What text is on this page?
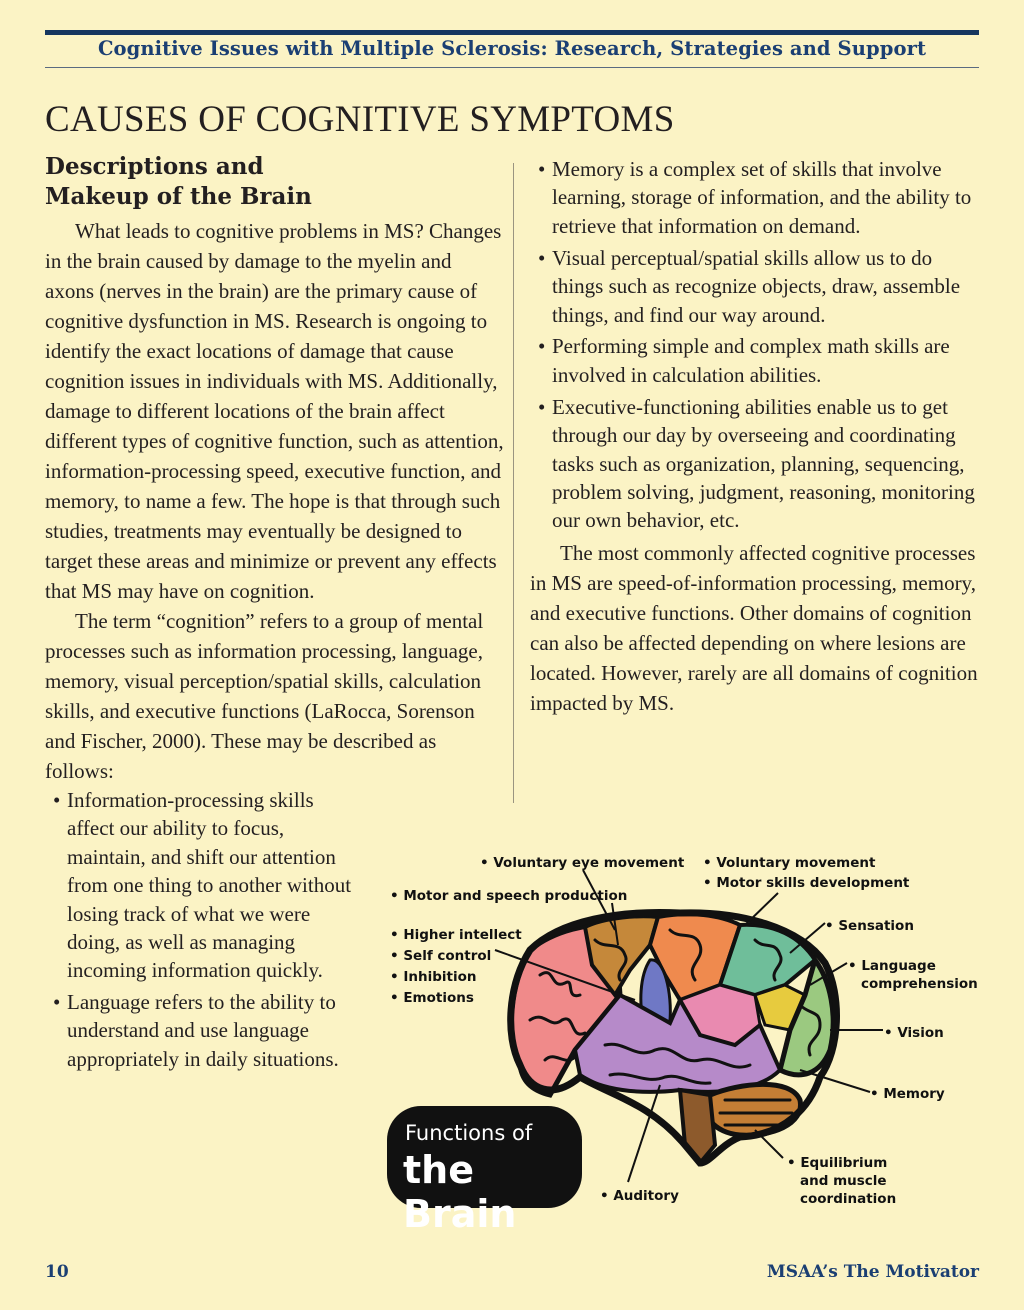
Cognitive Issues with Multiple Sclerosis: Research, Strategies and Support
CAUSES OF COGNITIVE SYMPTOMS
Descriptions and Makeup of the Brain

What leads to cognitive problems in MS? Changes in the brain caused by damage to the myelin and axons (nerves in the brain) are the primary cause of cognitive dysfunction in MS. Research is ongoing to identify the exact locations of damage that cause cognition issues in individuals with MS. Additionally, damage to different locations of the brain affect different types of cognitive function, such as attention, information-processing speed, executive function, and memory, to name a few. The hope is that through such studies, treatments may eventually be designed to target these areas and minimize or prevent any effects that MS may have on cognition.

The term “cognition” refers to a group of mental processes such as information processing, language, memory, visual perception/spatial skills, calculation skills, and executive functions (LaRocca, Sorenson and Fischer, 2000). These may be described as follows:

• Information-processing skills affect our ability to focus, maintain, and shift our attention from one thing to another without losing track of what we were doing, as well as managing incoming information quickly.
• Language refers to the ability to understand and use language appropriately in daily situations.
• Memory is a complex set of skills that involve learning, storage of information, and the ability to retrieve that information on demand.
• Visual perceptual/spatial skills allow us to do things such as recognize objects, draw, assemble things, and find our way around.
• Performing simple and complex math skills are involved in calculation abilities.
• Executive-functioning abilities enable us to get through our day by overseeing and coordinating tasks such as organization, planning, sequencing, problem solving, judgment, reasoning, monitoring our own behavior, etc.

The most commonly affected cognitive processes in MS are speed-of-information processing, memory, and executive functions. Other domains of cognition can also be affected depending on where lesions are located. However, rarely are all domains of cognition impacted by MS.

• Voluntary eye movement
• Motor and speech production
• Voluntary movement
• Motor skills development
• Higher intellect
• Self control
• Inhibition
• Emotions
• Sensation
• Language
comprehension
• Vision
• Memory
• Equilibrium
and muscle
coordination
• Auditory
Functions of
the Brain
10	MSAA’s The Motivator
